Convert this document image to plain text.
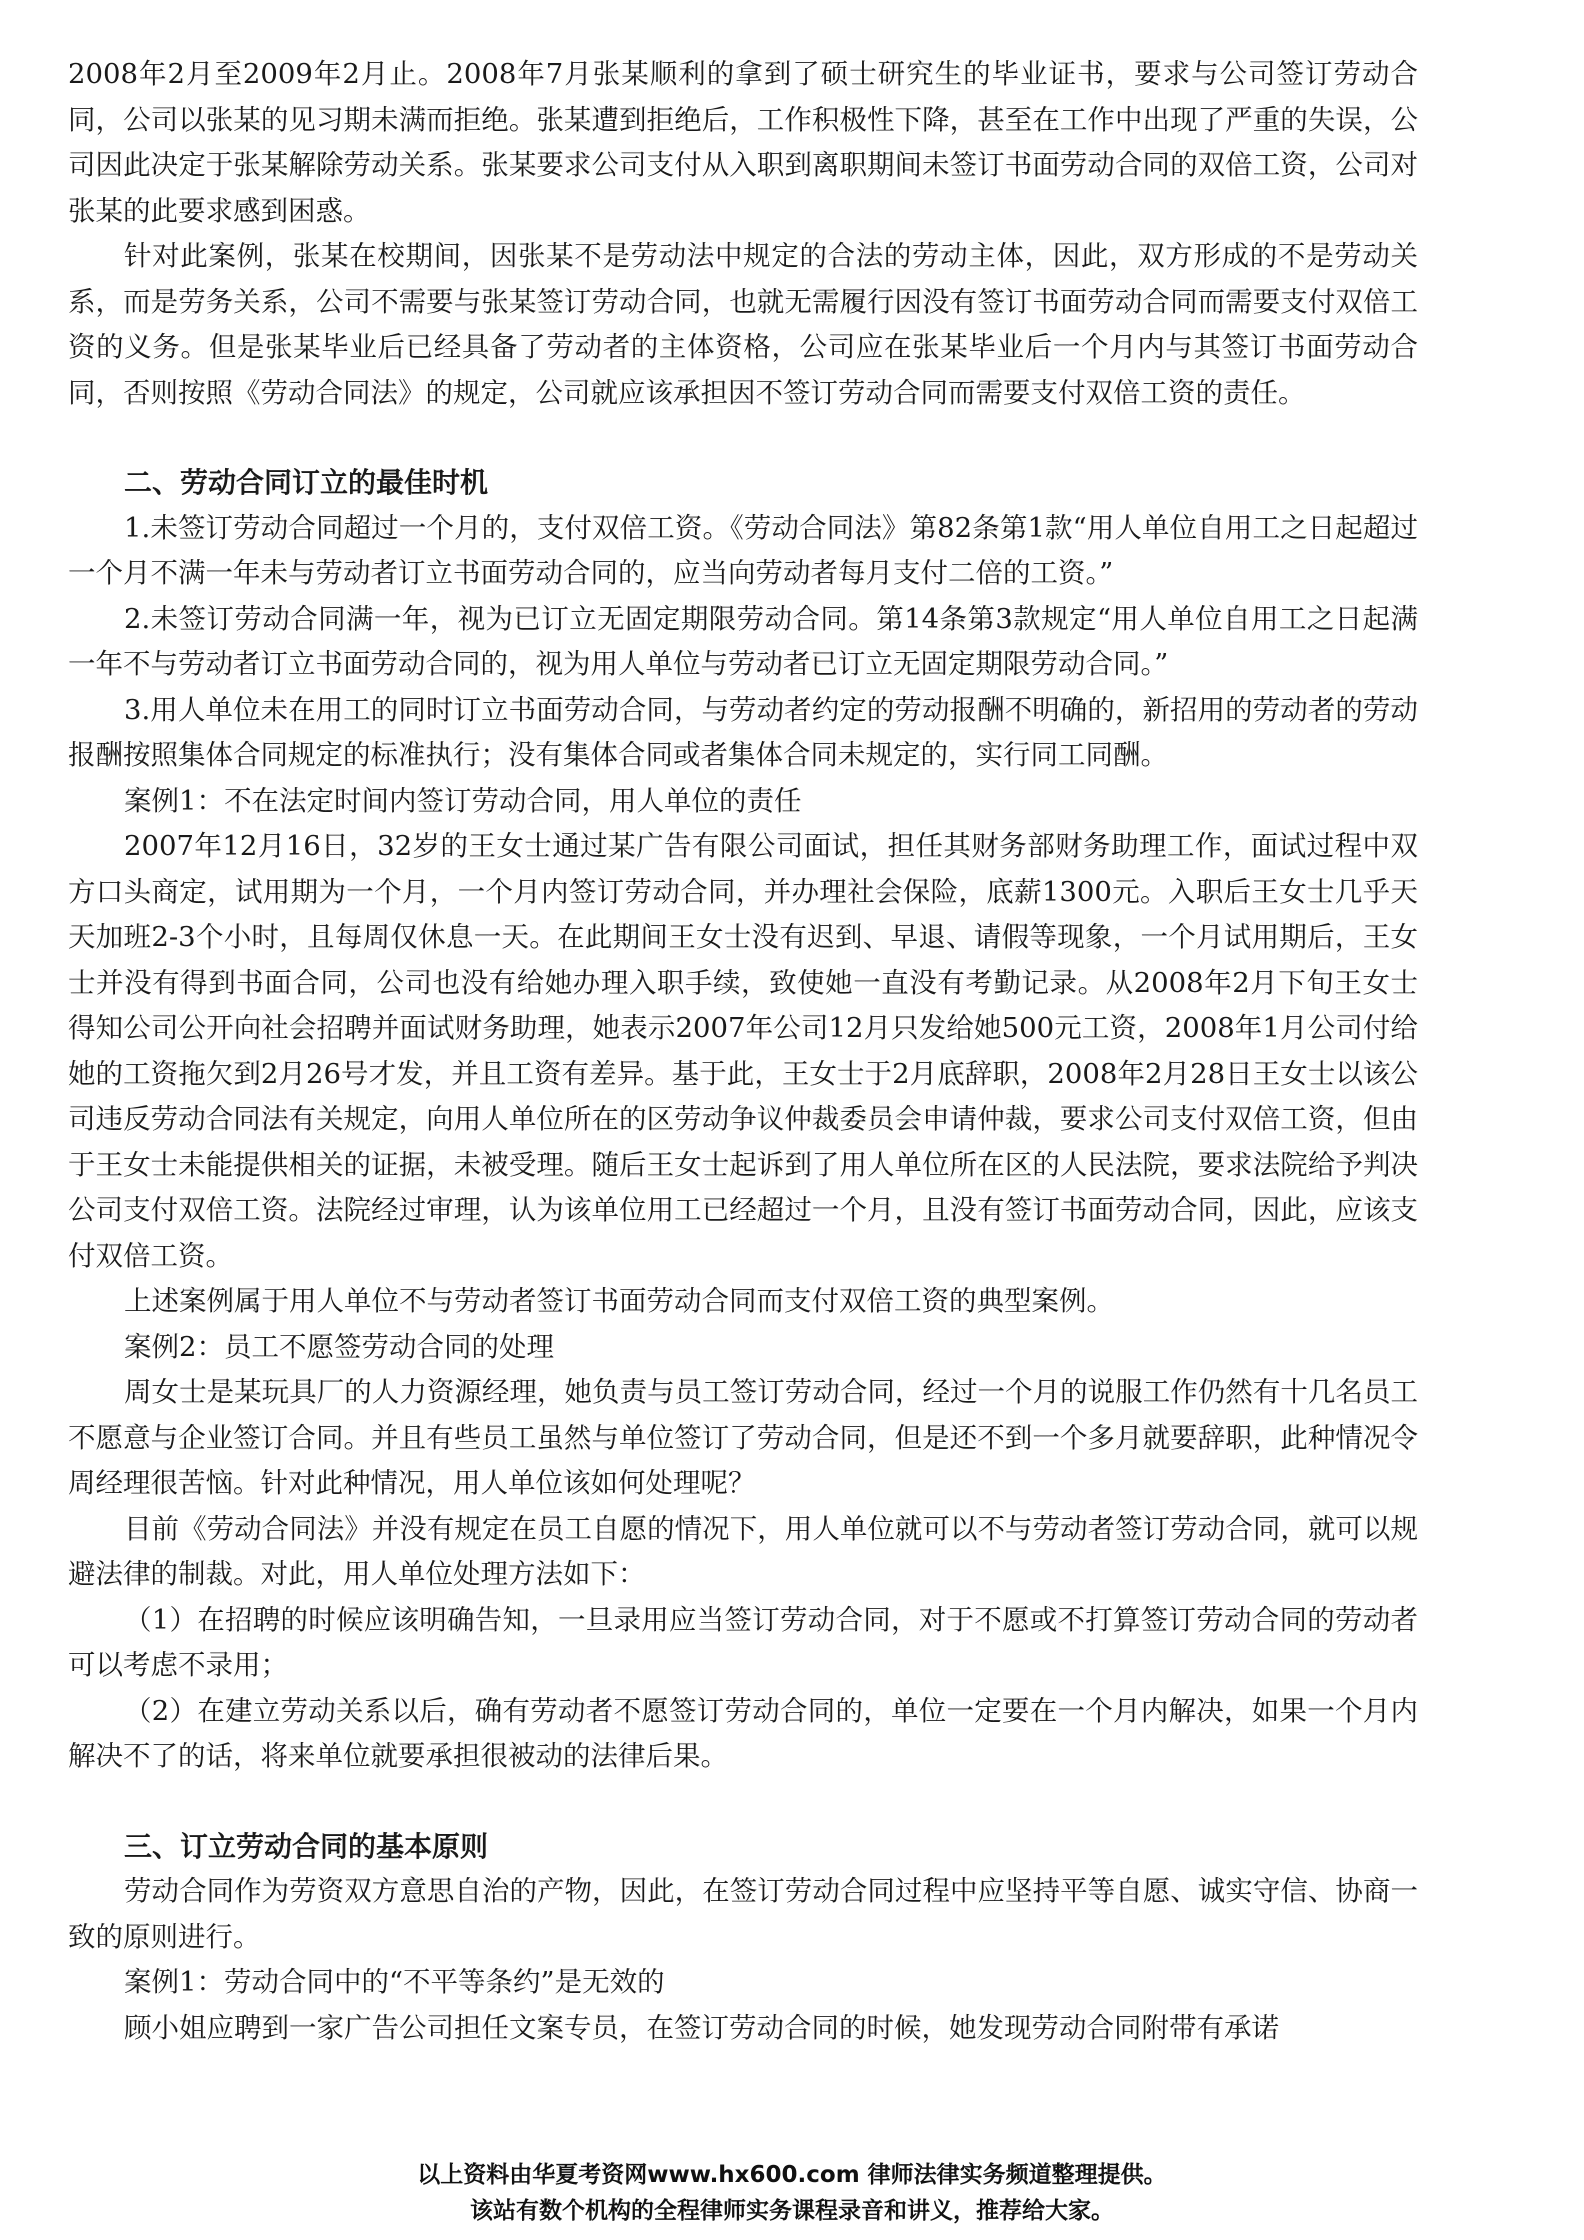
2008年2月至2009年2月止。2008年7月张某顺利的拿到了硕士研究生的毕业证书，要求与公司签订劳动合同，公司以张某的见习期未满而拒绝。张某遭到拒绝后，工作积极性下降，甚至在工作中出现了严重的失误，公司因此决定于张某解除劳动关系。张某要求公司支付从入职到离职期间未签订书面劳动合同的双倍工资，公司对张某的此要求感到困惑。

针对此案例，张某在校期间，因张某不是劳动法中规定的合法的劳动主体，因此，双方形成的不是劳动关系，而是劳务关系，公司不需要与张某签订劳动合同，也就无需履行因没有签订书面劳动合同而需要支付双倍工资的义务。但是张某毕业后已经具备了劳动者的主体资格，公司应在张某毕业后一个月内与其签订书面劳动合同，否则按照《劳动合同法》的规定，公司就应该承担因不签订劳动合同而需要支付双倍工资的责任。

二、劳动合同订立的最佳时机

1.未签订劳动合同超过一个月的，支付双倍工资。《劳动合同法》第82条第1款“用人单位自用工之日起超过一个月不满一年未与劳动者订立书面劳动合同的，应当向劳动者每月支付二倍的工资。”

2.未签订劳动合同满一年，视为已订立无固定期限劳动合同。第14条第3款规定“用人单位自用工之日起满一年不与劳动者订立书面劳动合同的，视为用人单位与劳动者已订立无固定期限劳动合同。”

3.用人单位未在用工的同时订立书面劳动合同，与劳动者约定的劳动报酬不明确的，新招用的劳动者的劳动报酬按照集体合同规定的标准执行；没有集体合同或者集体合同未规定的，实行同工同酬。

案例1：不在法定时间内签订劳动合同，用人单位的责任

2007年12月16日，32岁的王女士通过某广告有限公司面试，担任其财务部财务助理工作，面试过程中双方口头商定，试用期为一个月，一个月内签订劳动合同，并办理社会保险，底薪1300元。入职后王女士几乎天天加班2-3个小时，且每周仅休息一天。在此期间王女士没有迟到、早退、请假等现象，一个月试用期后，王女士并没有得到书面合同，公司也没有给她办理入职手续，致使她一直没有考勤记录。从2008年2月下旬王女士得知公司公开向社会招聘并面试财务助理，她表示2007年公司12月只发给她500元工资，2008年1月公司付给她的工资拖欠到2月26号才发，并且工资有差异。基于此，王女士于2月底辞职，2008年2月28日王女士以该公司违反劳动合同法有关规定，向用人单位所在的区劳动争议仲裁委员会申请仲裁，要求公司支付双倍工资，但由于王女士未能提供相关的证据，未被受理。随后王女士起诉到了用人单位所在区的人民法院，要求法院给予判决公司支付双倍工资。法院经过审理，认为该单位用工已经超过一个月，且没有签订书面劳动合同，因此，应该支付双倍工资。

上述案例属于用人单位不与劳动者签订书面劳动合同而支付双倍工资的典型案例。

案例2：员工不愿签劳动合同的处理

周女士是某玩具厂的人力资源经理，她负责与员工签订劳动合同，经过一个月的说服工作仍然有十几名员工不愿意与企业签订合同。并且有些员工虽然与单位签订了劳动合同，但是还不到一个多月就要辞职，此种情况令周经理很苦恼。针对此种情况，用人单位该如何处理呢？

目前《劳动合同法》并没有规定在员工自愿的情况下，用人单位就可以不与劳动者签订劳动合同，就可以规避法律的制裁。对此，用人单位处理方法如下：

（1）在招聘的时候应该明确告知，一旦录用应当签订劳动合同，对于不愿或不打算签订劳动合同的劳动者可以考虑不录用；

（2）在建立劳动关系以后，确有劳动者不愿签订劳动合同的，单位一定要在一个月内解决，如果一个月内解决不了的话，将来单位就要承担很被动的法律后果。

三、订立劳动合同的基本原则

劳动合同作为劳资双方意思自治的产物，因此，在签订劳动合同过程中应坚持平等自愿、诚实守信、协商一致的原则进行。

案例1：劳动合同中的“不平等条约”是无效的

顾小姐应聘到一家广告公司担任文案专员，在签订劳动合同的时候，她发现劳动合同附带有承诺

以上资料由华夏考资网www.hx600.com 律师法律实务频道整理提供。
该站有数个机构的全程律师实务课程录音和讲义，推荐给大家。
